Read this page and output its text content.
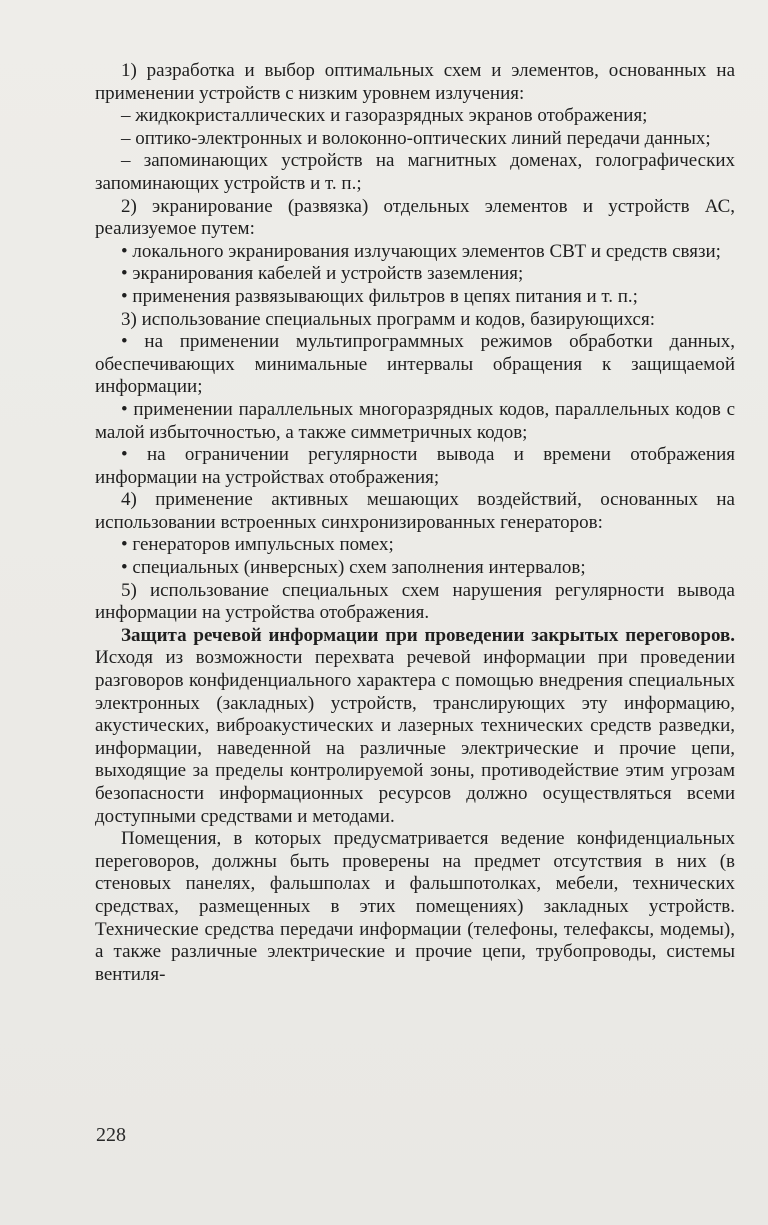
1) разработка и выбор оптимальных схем и элементов, основанных на применении устройств с низким уровнем излучения:

– жидкокристаллических и газоразрядных экранов отображения;

– оптико-электронных и волоконно-оптических линий передачи данных;

– запоминающих устройств на магнитных доменах, голографических запоминающих устройств и т. п.;

2) экранирование (развязка) отдельных элементов и устройств АС, реализуемое путем:

• локального экранирования излучающих элементов СВТ и средств связи;

• экранирования кабелей и устройств заземления;

• применения развязывающих фильтров в цепях питания и т. п.;

3) использование специальных программ и кодов, базирующихся:

• на применении мультипрограммных режимов обработки данных, обеспечивающих минимальные интервалы обращения к защищаемой информации;

• применении параллельных многоразрядных кодов, параллельных кодов с малой избыточностью, а также симметричных кодов;

• на ограничении регулярности вывода и времени отображения информации на устройствах отображения;

4) применение активных мешающих воздействий, основанных на использовании встроенных синхронизированных генераторов:

• генераторов импульсных помех;

• специальных (инверсных) схем заполнения интервалов;

5) использование специальных схем нарушения регулярности вывода информации на устройства отображения.

Защита речевой информации при проведении закрытых переговоров. Исходя из возможности перехвата речевой информации при проведении разговоров конфиденциального характера с помощью внедрения специальных электронных (закладных) устройств, транслирующих эту информацию, акустических, виброакустических и лазерных технических средств разведки, информации, наведенной на различные электрические и прочие цепи, выходящие за пределы контролируемой зоны, противодействие этим угрозам безопасности информационных ресурсов должно осуществляться всеми доступными средствами и методами.

Помещения, в которых предусматривается ведение конфиденциальных переговоров, должны быть проверены на предмет отсутствия в них (в стеновых панелях, фальшполах и фальшпотолках, мебели, технических средствах, размещенных в этих помещениях) закладных устройств. Технические средства передачи информации (телефоны, телефаксы, модемы), а также различные электрические и прочие цепи, трубопроводы, системы вентиля-

228
